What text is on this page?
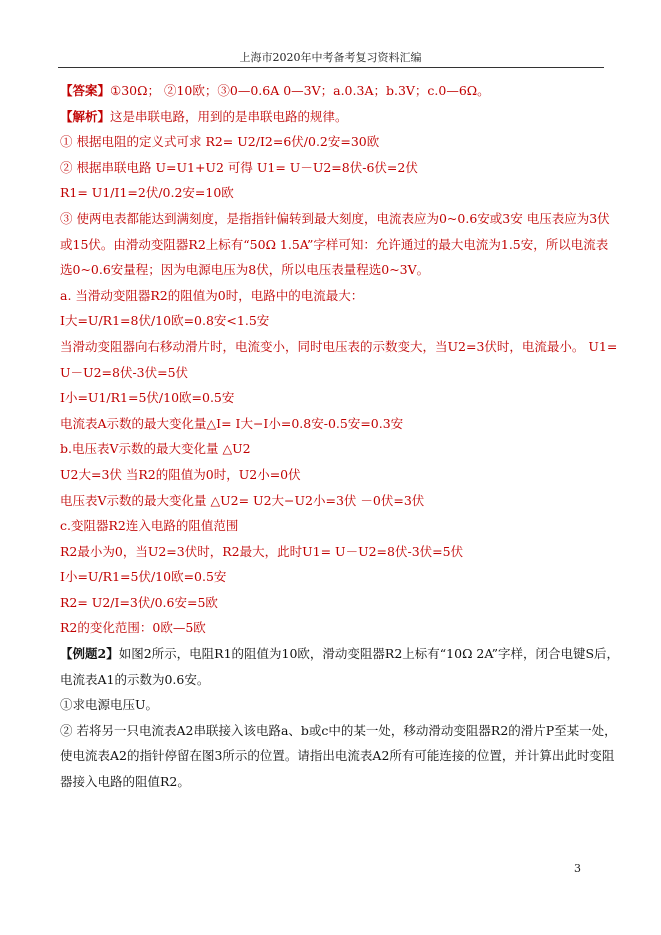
上海市2020年中考备考复习资料汇编
【答案】①30Ω； ②10欧；③0—0.6A 0—3V；a.0.3A；b.3V；c.0—6Ω。
【解析】这是串联电路，用到的是串联电路的规律。
① 根据电阻的定义式可求 R2= U2/I2=6伏/0.2安=30欧
② 根据串联电路 U=U1+U2 可得 U1= U－U2=8伏-6伏=2伏
R1= U1/I1=2伏/0.2安=10欧
③ 使两电表都能达到满刻度，是指指针偏转到最大刻度，电流表应为0~0.6安或3安 电压表应为3伏或15伏。由滑动变阻器R2上标有“50Ω 1.5A”字样可知：允许通过的最大电流为1.5安，所以电流表选0~0.6安量程；因为电源电压为8伏，所以电压表量程选0~3V。
a. 当滑动变阻器R2的阻值为0时，电路中的电流最大：
I大=U/R1=8伏/10欧=0.8安<1.5安
当滑动变阻器向右移动滑片时，电流变小，同时电压表的示数变大，当U2=3伏时，电流最小。 U1= U－U2=8伏-3伏=5伏
I小=U1/R1=5伏/10欧=0.5安
电流表A示数的最大变化量△I= I大−I小=0.8安-0.5安=0.3安
b.电压表V示数的最大变化量 △U2
U2大=3伏 当R2的阻值为0时，U2小=0伏
电压表V示数的最大变化量 △U2= U2大−U2小=3伏 －0伏=3伏
c.变阻器R2连入电路的阻值范围
R2最小为0，当U2=3伏时，R2最大，此时U1= U－U2=8伏-3伏=5伏
I小=U/R1=5伏/10欧=0.5安
R2= U2/I=3伏/0.6安=5欧
R2的变化范围：0欧—5欧
【例题2】如图2所示，电阻R1的阻值为10欧，滑动变阻器R2上标有“10Ω 2A”字样，闭合电键S后，电流表A1的示数为0.6安。
①求电源电压U。
② 若将另一只电流表A2串联接入该电路a、b或c中的某一处，移动滑动变阻器R2的滑片P至某一处，使电流表A2的指针停留在图3所示的位置。请指出电流表A2所有可能连接的位置，并计算出此时变阻器接入电路的阻值R2。
3
